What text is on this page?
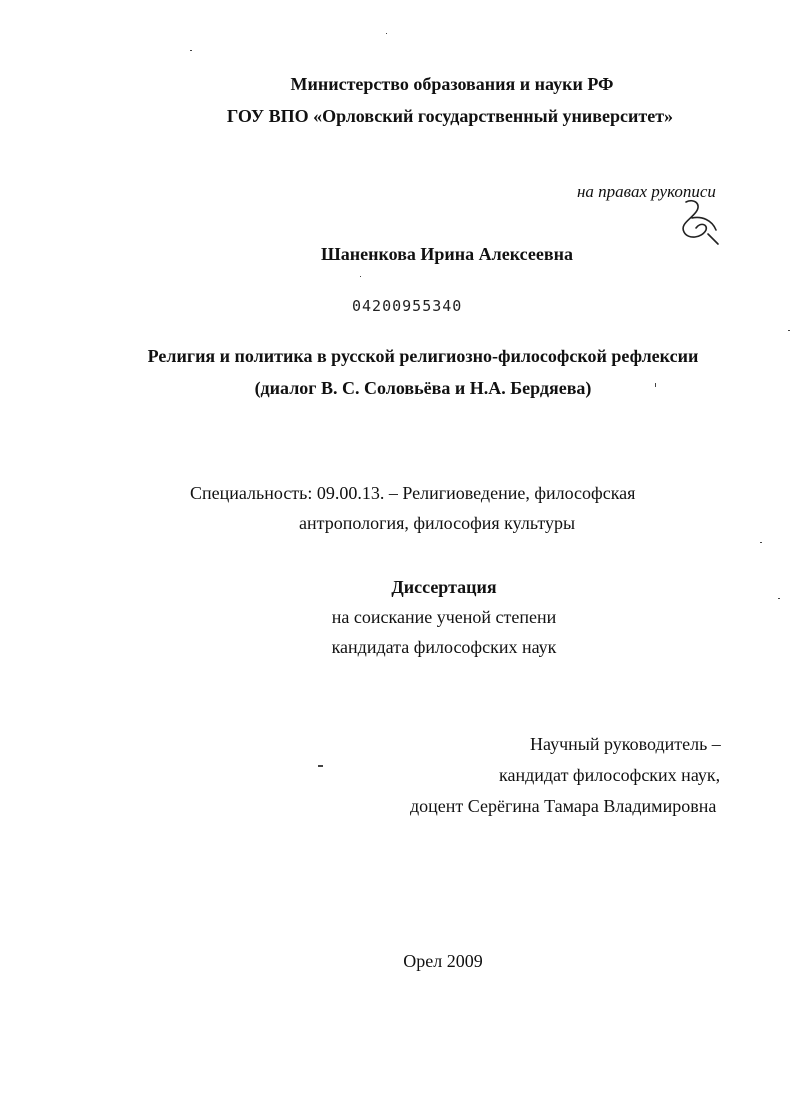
Министерство образования и науки РФ
ГОУ ВПО «Орловский государственный университет»
на правах рукописи
Шаненкова Ирина Алексеевна
04200955340
Религия и политика в русской религиозно-философской рефлексии
(диалог В. С. Соловьёва и Н.А. Бердяева)
Специальность: 09.00.13. – Религиоведение, философская
антропология, философия культуры
Диссертация
на соискание ученой степени
кандидата философских наук
Научный руководитель –
кандидат философских наук,
доцент Серёгина Тамара Владимировна
Орел 2009
